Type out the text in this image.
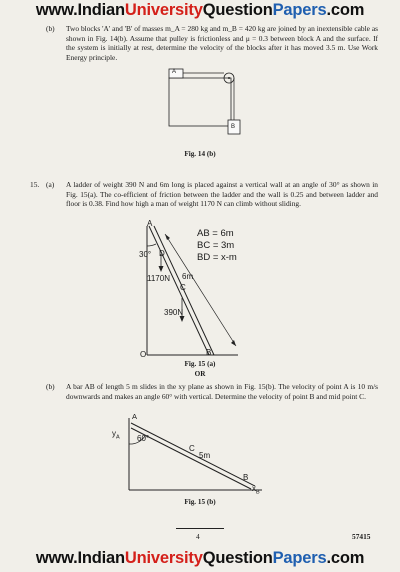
www.IndianUniversityQuestionPapers.com
(b) Two blocks 'A' and 'B' of masses m_A = 280 kg and m_B = 420 kg are joined by an inextensible cable as shown in Fig. 14(b). Assume that pulley is frictionless and μ = 0.3 between block A and the surface. If the system is initially at rest, determine the velocity of the blocks after it has moved 3.5 m. Use Work Energy principle.
A
B
Fig. 14 (b)
15. (a) A ladder of weight 390 N and 6m long is placed against a vertical wall at an angle of 30° as shown in Fig. 15(a). The co-efficient of friction between the ladder and the wall is 0.25 and between ladder and floor is 0.38. Find how high a man of weight 1170 N can climb without sliding.
AB = 6m
BC = 3m
BD = x-m
A
30° D
1170N 6m
C
390N
O	B
Fig. 15 (a)
OR
(b) A bar AB of length 5 m slides in the xy plane as shown in Fig. 15(b). The velocity of point A is 10 m/s downwards and makes an angle 60° with vertical. Determine the velocity of point B and mid point C.
A
$y_A$ 60°
C
5m
B
$x_B$
Fig. 15 (b)
4	57415
www.IndianUniversityQuestionPapers.com
